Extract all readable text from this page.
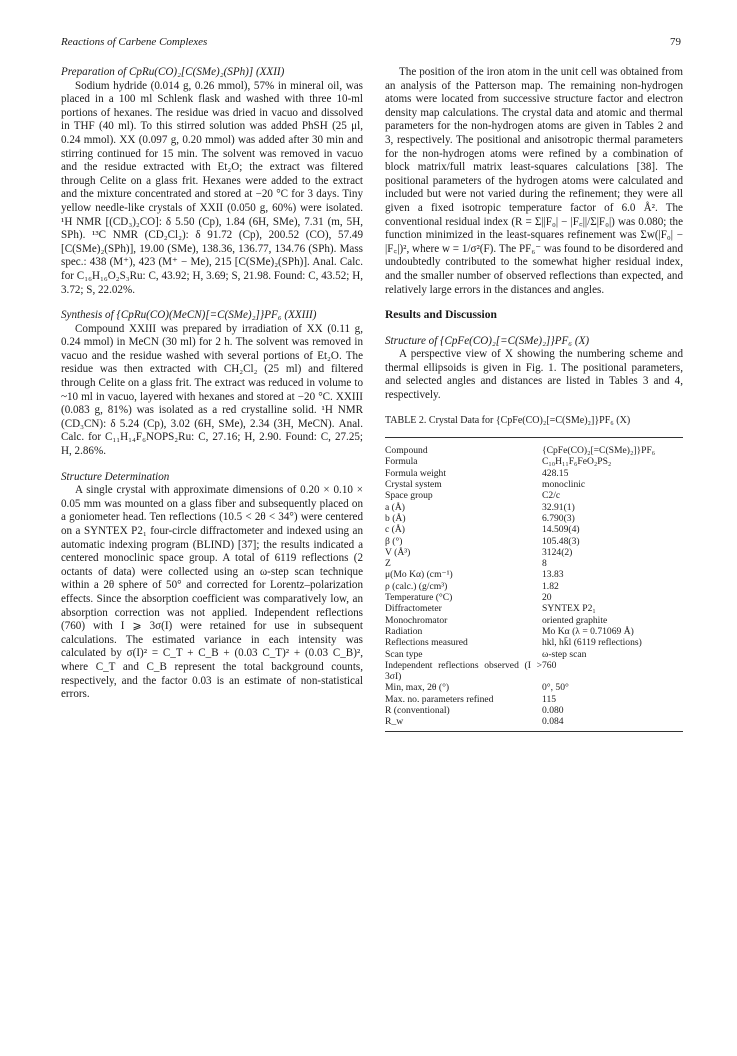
Reactions of Carbene Complexes	79

Preparation of CpRu(CO)₂[C(SMe)₂(SPh)] (XXII)

Sodium hydride (0.014 g, 0.26 mmol), 57% in mineral oil, was placed in a 100 ml Schlenk flask and washed with three 10-ml portions of hexanes. The residue was dried in vacuo and dissolved in THF (40 ml). To this stirred solution was added PhSH (25 μl, 0.24 mmol). XX (0.097 g, 0.20 mmol) was added after 30 min and stirring continued for 15 min. The solvent was removed in vacuo and the residue extracted with Et₂O; the extract was filtered through Celite on a glass frit. Hexanes were added to the extract and the mixture concentrated and stored at −20 °C for 3 days. Tiny yellow needle-like crystals of XXII (0.050 g, 60%) were isolated. ¹H NMR [(CD₃)₂CO]: δ 5.50 (Cp), 1.84 (6H, SMe), 7.31 (m, 5H, SPh). ¹³C NMR (CD₂Cl₂): δ 91.72 (Cp), 200.52 (CO), 57.49 [C(SMe)₂(SPh)], 19.00 (SMe), 138.36, 136.77, 134.76 (SPh). Mass spec.: 438 (M⁺), 423 (M⁺ − Me), 215 [C(SMe)₂(SPh)]. Anal. Calc. for C₁₆H₁₆O₂S₃Ru: C, 43.92; H, 3.69; S, 21.98. Found: C, 43.52; H, 3.72; S, 22.02%.

Synthesis of {CpRu(CO)(MeCN)[=C(SMe)₂]}PF₆ (XXIII)

Compound XXIII was prepared by irradiation of XX (0.11 g, 0.24 mmol) in MeCN (30 ml) for 2 h. The solvent was removed in vacuo and the residue washed with several portions of Et₂O. The residue was then extracted with CH₂Cl₂ (25 ml) and filtered through Celite on a glass frit. The extract was reduced in volume to ~10 ml in vacuo, layered with hexanes and stored at −20 °C. XXIII (0.083 g, 81%) was isolated as a red crystalline solid. ¹H NMR (CD₃CN): δ 5.24 (Cp), 3.02 (6H, SMe), 2.34 (3H, MeCN). Anal. Calc. for C₁₁H₁₄F₆NOPS₂Ru: C, 27.16; H, 2.90. Found: C, 27.25; H, 2.86%.

Structure Determination

A single crystal with approximate dimensions of 0.20 × 0.10 × 0.05 mm was mounted on a glass fiber and subsequently placed on a goniometer head. Ten reflections (10.5 < 2θ < 34°) were centered on a SYNTEX P2₁ four-circle diffractometer and indexed using an automatic indexing program (BLIND) [37]; the results indicated a centered monoclinic space group. A total of 6119 reflections (2 octants of data) were collected using an ω-step scan technique within a 2θ sphere of 50° and corrected for Lorentz–polarization effects. Since the absorption coefficient was comparatively low, an absorption correction was not applied. Independent reflections (760) with I ⩾ 3σ(I) were retained for use in subsequent calculations. The estimated variance in each intensity was calculated by σ(I)² = C_T + C_B + (0.03 C_T)² + (0.03 C_B)², where C_T and C_B represent the total background counts, respectively, and the factor 0.03 is an estimate of non-statistical errors.

The position of the iron atom in the unit cell was obtained from an analysis of the Patterson map. The remaining non-hydrogen atoms were located from successive structure factor and electron density map calculations. The crystal data and atomic and thermal parameters for the non-hydrogen atoms are given in Tables 2 and 3, respectively. The positional and anisotropic thermal parameters for the non-hydrogen atoms were refined by a combination of block matrix/full matrix least-squares calculations [38]. The positional parameters of the hydrogen atoms were calculated and included but were not varied during the refinement; they were all given a fixed isotropic temperature factor of 6.0 Å². The conventional residual index (R = Σ||F₀| − |F꜀||/Σ|F₀|) was 0.080; the function minimized in the least-squares refinement was Σw(|F₀| − |F꜀|)², where w = 1/σ²(F). The PF₆⁻ was found to be disordered and undoubtedly contributed to the somewhat higher residual index, and the smaller number of observed reflections than expected, and relatively large errors in the distances and angles.

Results and Discussion

Structure of {CpFe(CO)₂[=C(SMe)₂]}PF₆ (X)

A perspective view of X showing the numbering scheme and thermal ellipsoids is given in Fig. 1. The positional parameters, and selected angles and distances are listed in Tables 3 and 4, respectively.

TABLE 2. Crystal Data for {CpFe(CO)₂[=C(SMe)₂]}PF₆ (X)

Compound	{CpFe(CO)₂[=C(SMe)₂]}PF₆
Formula	C₁₀H₁₁F₆FeO₂PS₂
Formula weight	428.15
Crystal system	monoclinic
Space group	C2/c
a (Å)	32.91(1)
b (Å)	6.790(3)
c (Å)	14.509(4)
β (°)	105.48(3)
V (Å³)	3124(2)
Z	8
μ(Mo Kα) (cm⁻¹)	13.83
ρ (calc.) (g/cm³)	1.82
Temperature (°C)	20
Diffractometer	SYNTEX P2₁
Monochromator	oriented graphite
Radiation	Mo Kα (λ = 0.71069 Å)
Reflections measured	hkl, hk̄l (6119 reflections)
Scan type	ω-step scan
Independent reflections observed (I > 3σI)	760
Min, max, 2θ (°)	0°, 50°
Max. no. parameters refined	115
R (conventional)	0.080
R_w	0.084
